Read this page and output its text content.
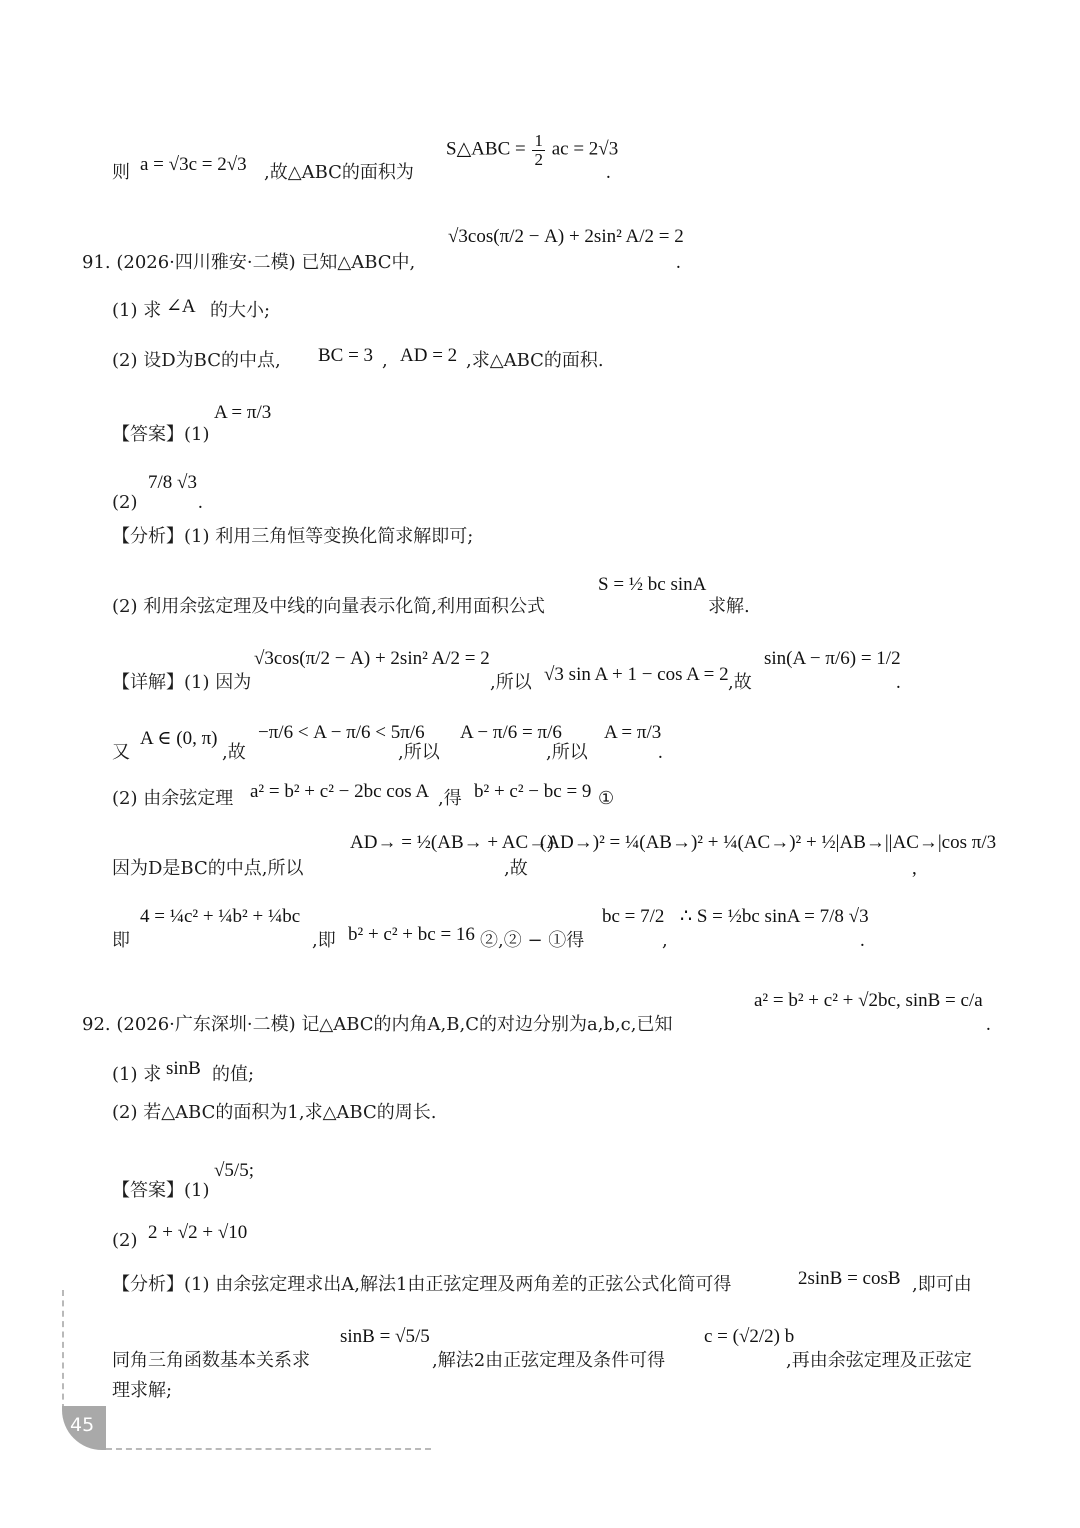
则 a = √3c = 2√3 ,故△ABC的面积为
S△ABC = $\frac{1}{2}$ ac = 2√3
.
91. (2026·四川雅安·二模) 已知△ABC中,
√3cos(π/2 − A) + 2sin² A/2 = 2
.
(1) 求 ∠A 的大小;
(2) 设D为BC的中点, BC = 3 , AD = 2 ,求△ABC的面积.
【答案】(1)
A = π/3
(2)
7/8 √3
.
【分析】(1) 利用三角恒等变换化简求解即可;
(2) 利用余弦定理及中线的向量表示化简,利用面积公式
S = ½ bc sinA
求解.
【详解】(1) 因为
√3cos(π/2 − A) + 2sin² A/2 = 2
,所以 √3 sin A + 1 − cos A = 2 ,故
sin(A − π/6) = 1/2
.
又
A ∈ (0, π)
,故
−π/6 < A − π/6 < 5π/6
,所以
A − π/6 = π/6
,所以
A = π/3
.
(2) 由余弦定理 a² = b² + c² − 2bc cos A ,得 b² + c² − bc = 9 ①
因为D是BC的中点,所以
AD→ = ½(AB→ + AC→)
,故
(AD→)² = ¼(AB→)² + ¼(AC→)² + ½|AB→||AC→|cos π/3
,
即
4 = ¼c² + ¼b² + ¼bc
,即 b² + c² + bc = 16 ②,② − ①得
bc = 7/2
,
∴ S = ½bc sinA = 7/8 √3
.
92. (2026·广东深圳·二模) 记△ABC的内角A,B,C的对边分别为a,b,c,已知
a² = b² + c² + √2bc, sinB = c/a
.
(1) 求 sinB 的值;
(2) 若△ABC的面积为1,求△ABC的周长.
【答案】(1)
√5/5;
(2) 2 + √2 + √10
【分析】(1) 由余弦定理求出A,解法1由正弦定理及两角差的正弦公式化简可得	2sinB = cosB ,即可由
同角三角函数基本关系求
sinB = √5/5
,解法2由正弦定理及条件可得
c = (√2/2) b
,再由余弦定理及正弦定
理求解;
45
